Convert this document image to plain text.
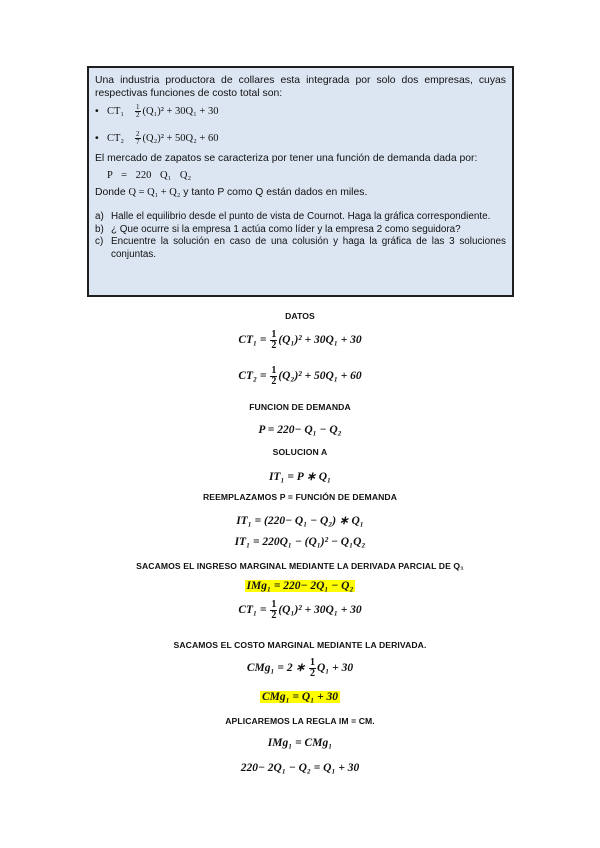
Una industria productora de collares esta integrada por solo dos empresas, cuyas respectivas funciones de costo total son:

• CT₁	$\frac{1}{2} (Q_1)^2 + 30Q_1 + 30$

• CT₂	$\frac{2}{7} (Q_2)^2 + 50Q_2 + 60$

El mercado de zapatos se caracteriza por tener una función de demanda dada por:

P = 220 Q₁ Q₂

Donde Q = Q₁ + Q₂ y tanto P como Q están dados en miles.

a) Halle el equilibrio desde el punto de vista de Cournot. Haga la gráfica correspondiente.
b) ¿ Que ocurre si la empresa 1 actúa como líder y la empresa 2 como seguidora?
c) Encuentre la solución en caso de una colusión y haga la gráfica de las 3 soluciones conjuntas.
DATOS
$CT_1 = \frac{1}{2} (Q_1)^2 + 30Q_1 + 30$
$CT_2 = \frac{1}{2} (Q_2)^2 + 50Q_1 + 60$
FUNCION DE DEMANDA
P = 220− Q₁ − Q₂
SOLUCION A
IT₁ = P ∗ Q₁
REEMPLAZAMOS P = FUNCIÓN DE DEMANDA
IT₁ = (220− Q₁ − Q₂) ∗ Q₁
IT₁ = 220Q₁ − (Q₁)² − Q₁Q₂
SACAMOS EL INGRESO MARGINAL MEDIANTE LA DERIVADA PARCIAL DE Q₁
IMg₁ = 220− 2Q₁ − Q₂
$CT_1 = \frac{1}{2} (Q_1)^2 + 30Q_1 + 30$
SACAMOS EL COSTO MARGINAL MEDIANTE LA DERIVADA.
CMg₁ = 2 ∗ $\frac{1}{2} Q_1 + 30$
CMg₁ = Q₁ + 30
APLICAREMOS LA REGLA IM = CM.
IMg₁ = CMg₁
220− 2Q₁ − Q₂ = Q₁ + 30
